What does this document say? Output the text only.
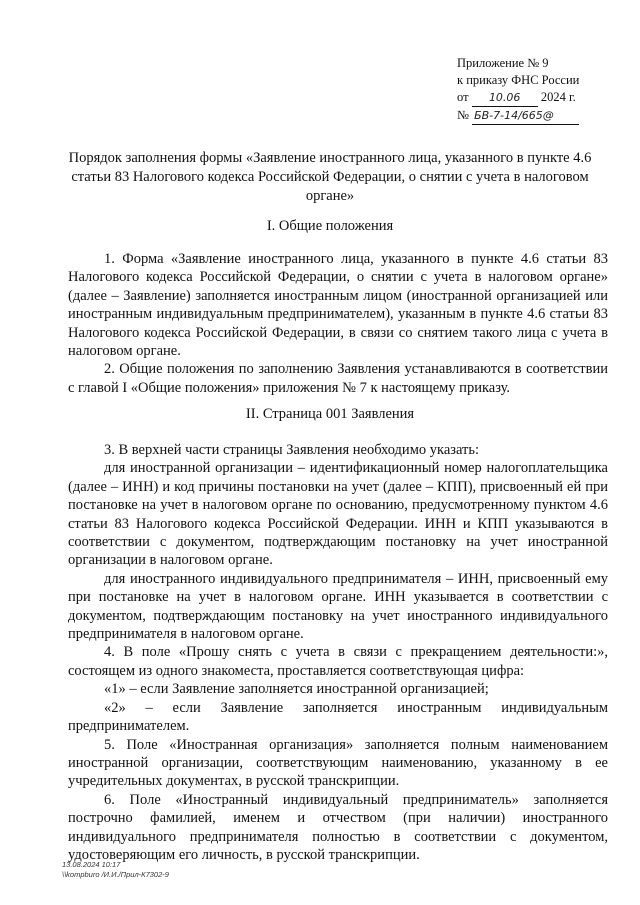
Приложение № 9
к приказу ФНС России
от 10.06 2024 г.
№ БВ-7-14/665@
Порядок заполнения формы «Заявление иностранного лица, указанного в пункте 4.6 статьи 83 Налогового кодекса Российской Федерации, о снятии с учета в налоговом органе»
I. Общие положения

1. Форма «Заявление иностранного лица, указанного в пункте 4.6 статьи 83 Налогового кодекса Российской Федерации, о снятии с учета в налоговом органе» (далее – Заявление) заполняется иностранным лицом (иностранной организацией или иностранным индивидуальным предпринимателем), указанным в пункте 4.6 статьи 83 Налогового кодекса Российской Федерации, в связи со снятием такого лица с учета в налоговом органе.

2. Общие положения по заполнению Заявления устанавливаются в соответствии с главой I «Общие положения» приложения № 7 к настоящему приказу.

II. Страница 001 Заявления

3. В верхней части страницы Заявления необходимо указать:

для иностранной организации – идентификационный номер налогоплательщика (далее – ИНН) и код причины постановки на учет (далее – КПП), присвоенный ей при постановке на учет в налоговом органе по основанию, предусмотренному пунктом 4.6 статьи 83 Налогового кодекса Российской Федерации. ИНН и КПП указываются в соответствии с документом, подтверждающим постановку на учет иностранной организации в налоговом органе.

для иностранного индивидуального предпринимателя – ИНН, присвоенный ему при постановке на учет в налоговом органе. ИНН указывается в соответствии с документом, подтверждающим постановку на учет иностранного индивидуального предпринимателя в налоговом органе.

4. В поле «Прошу снять с учета в связи с прекращением деятельности:», состоящем из одного знакоместа, проставляется соответствующая цифра:

«1» – если Заявление заполняется иностранной организацией;

«2» – если Заявление заполняется иностранным индивидуальным предпринимателем.

5. Поле «Иностранная организация» заполняется полным наименованием иностранной организации, соответствующим наименованию, указанному в ее учредительных документах, в русской транскрипции.

6. Поле «Иностранный индивидуальный предприниматель» заполняется построчно фамилией, именем и отчеством (при наличии) иностранного индивидуального предпринимателя полностью в соответствии с документом, удостоверяющим его личность, в русской транскрипции.

13.08.2024 10:17
\\kompburo /И.И./Прил-К7302-9
